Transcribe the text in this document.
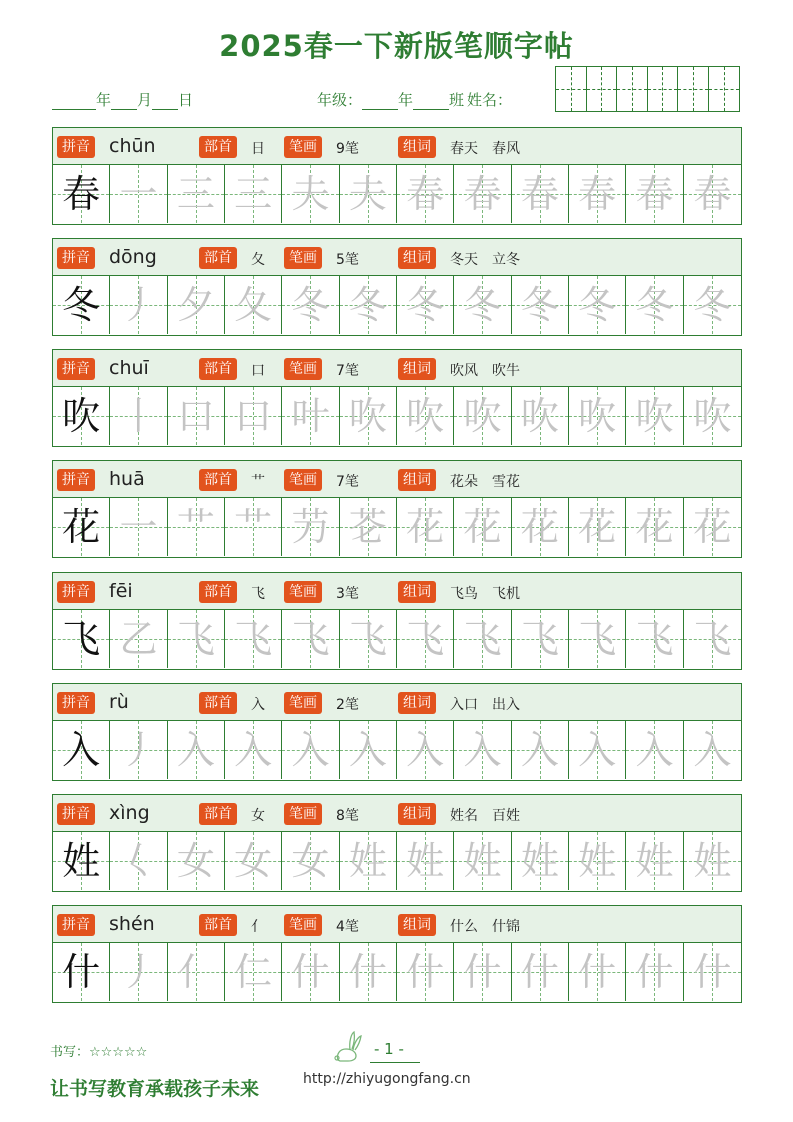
2025春一下新版笔顺字帖
年 月 日	年级： 年 班 姓名：
拼音 chūn	部首	日	笔画	9笔	组词	春天　春风
春 一 三 三 夫 夫 春 春 春 春 春 春
拼音 dōng	部首	夂	笔画	5笔	组词	冬天　立冬
冬 丿 夕 夂 冬 冬 冬 冬 冬 冬 冬 冬
拼音 chuī	部首	口	笔画	7笔	组词	吹风　吹牛
吹 丨 口 口 叶 吹 吹 吹 吹 吹 吹 吹
拼音 huā	部首	艹	笔画	7笔	组词	花朵　雪花
花 一 艹 艹 芀 芲 花 花 花 花 花 花
拼音 fēi	部首	飞	笔画	3笔	组词	飞鸟　飞机
飞 乙 飞 飞 飞 飞 飞 飞 飞 飞 飞 飞
拼音 rù	部首	入	笔画	2笔	组词	入口　出入
入 丿 入 入 入 入 入 入 入 入 入 入
拼音 xìng	部首	女	笔画	8笔	组词	姓名　百姓
姓 𡿨 女 女 女 姓 姓 姓 姓 姓 姓 姓
拼音 shén	部首	亻	笔画	4笔	组词	什么　什锦
什 丿 亻 仁 什 什 什 什 什 什 什 什
书写：☆☆☆☆☆	- 1 -
http://zhiyugongfang.cn
让书写教育承载孩子未来
